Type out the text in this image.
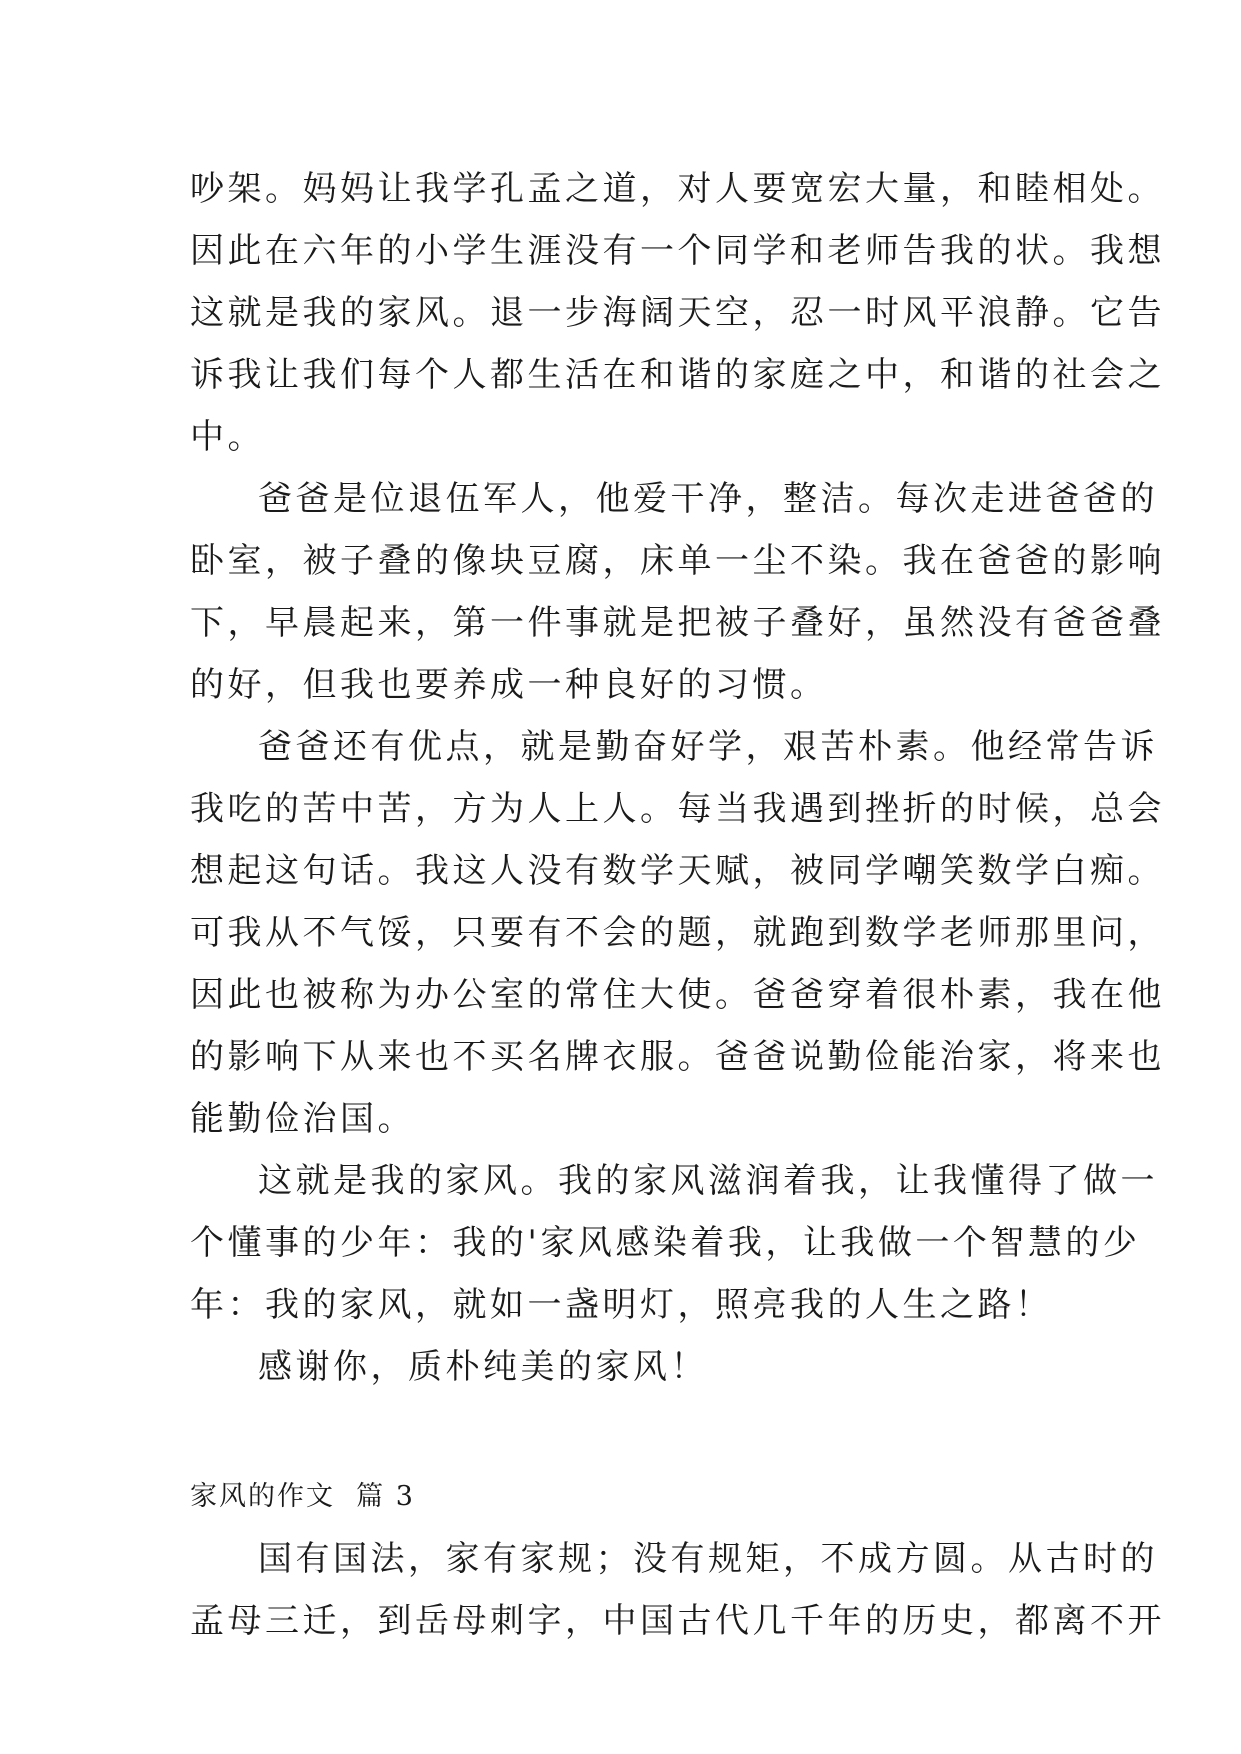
吵架。妈妈让我学孔孟之道，对人要宽宏大量，和睦相处。
因此在六年的小学生涯没有一个同学和老师告我的状。我想
这就是我的家风。退一步海阔天空，忍一时风平浪静。它告
诉我让我们每个人都生活在和谐的家庭之中，和谐的社会之
中。
爸爸是位退伍军人，他爱干净，整洁。每次走进爸爸的
卧室，被子叠的像块豆腐，床单一尘不染。我在爸爸的影响
下，早晨起来，第一件事就是把被子叠好，虽然没有爸爸叠
的好，但我也要养成一种良好的习惯。
爸爸还有优点，就是勤奋好学，艰苦朴素。他经常告诉
我吃的苦中苦，方为人上人。每当我遇到挫折的时候，总会
想起这句话。我这人没有数学天赋，被同学嘲笑数学白痴。
可我从不气馁，只要有不会的题，就跑到数学老师那里问，
因此也被称为办公室的常住大使。爸爸穿着很朴素，我在他
的影响下从来也不买名牌衣服。爸爸说勤俭能治家，将来也
能勤俭治国。
这就是我的家风。我的家风滋润着我，让我懂得了做一
个懂事的少年：我的'家风感染着我，让我做一个智慧的少
年：我的家风，就如一盏明灯，照亮我的人生之路！
感谢你，质朴纯美的家风！
家风的作文  篇 3
国有国法，家有家规；没有规矩，不成方圆。从古时的
孟母三迁，到岳母刺字，中国古代几千年的历史，都离不开
